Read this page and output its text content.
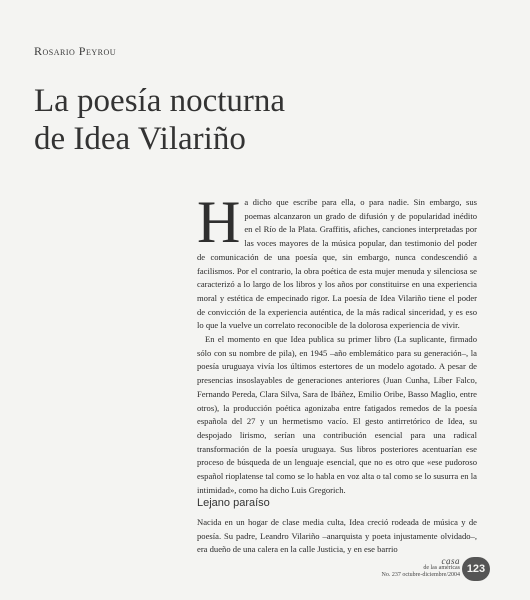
Rosario Peyrou
La poesía nocturna
de Idea Vilariño

Ha dicho que escribe para ella, o para nadie. Sin embargo, sus poemas alcanzaron un grado de difusión y de popularidad inédito en el Río de la Plata. Graffitis, afiches, canciones interpretadas por las voces mayores de la música popular, dan testimonio del poder de comunicación de una poesía que, sin embargo, nunca condescendió a facilismos. Por el contrario, la obra poética de esta mujer menuda y silenciosa se caracterizó a lo largo de los libros y los años por constituirse en una experiencia moral y estética de empecinado rigor. La poesía de Idea Vilariño tiene el poder de convicción de la experiencia auténtica, de la más radical sinceridad, y es eso lo que la vuelve un correlato reconocible de la dolorosa experiencia de vivir.

En el momento en que Idea publica su primer libro (La suplicante, firmado sólo con su nombre de pila), en 1945 –año emblemático para su generación–, la poesía uruguaya vivía los últimos estertores de un modelo agotado. A pesar de presencias insoslayables de generaciones anteriores (Juan Cunha, Líber Falco, Fernando Pereda, Clara Silva, Sara de Ibáñez, Emilio Oribe, Basso Maglio, entre otros), la producción poética agonizaba entre fatigados remedos de la poesía española del 27 y un hermetismo vacío. El gesto antirretórico de Idea, su despojado lirismo, serían una contribución esencial para una radical transformación de la poesía uruguaya. Sus libros posteriores acentuarían ese proceso de búsqueda de un lenguaje esencial, que no es otro que «ese pudoroso español rioplatense tal como se lo habla en voz alta o tal como se lo susurra en la intimidad», como ha dicho Luis Gregorich.

Lejano paraíso

Nacida en un hogar de clase media culta, Idea creció rodeada de música y de poesía. Su padre, Leandro Vilariño –anarquista y poeta injustamente olvidado–, era dueño de una calera en la calle Justicia, y en ese barrio

casa
de las américas
No. 237 octubre-diciembre/2004 123
